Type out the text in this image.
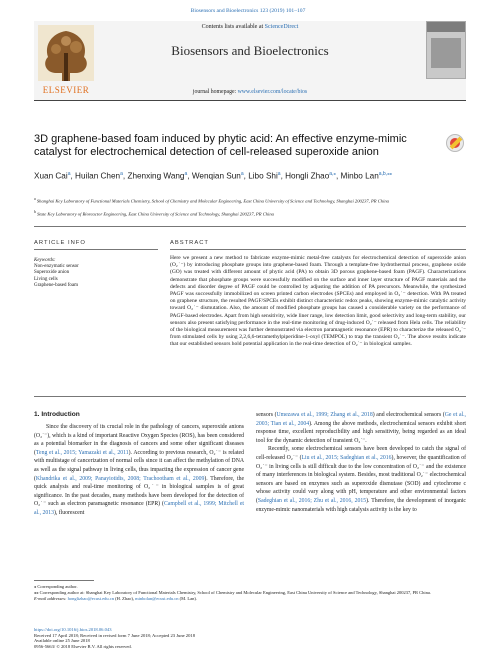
Biosensors and Bioelectronics 123 (2019) 101–107
ELSEVIER
Contents lists available at ScienceDirect
Biosensors and Bioelectronics
journal homepage: www.elsevier.com/locate/bios
3D graphene-based foam induced by phytic acid: An effective enzyme-mimic catalyst for electrochemical detection of cell-released superoxide anion
Xuan Cai$^a$, Huilan Chen$^a$, Zhenxing Wang$^a$, Wenqian Sun$^a$, Libo Shi$^a$, Hongli Zhao$^{a,⁎}$, Minbo Lan$^{a,b,⁎⁎}$
$^a$ Shanghai Key Laboratory of Functional Materials Chemistry, School of Chemistry and Molecular Engineering, East China University of Science and Technology, Shanghai 200237, PR China
$^b$ State Key Laboratory of Bioreactor Engineering, East China University of Science and Technology, Shanghai 200237, PR China
ARTICLE INFO
Keywords:
Non-enzymatic sensor
Superoxide anion
Living cells
Graphene-based foam
ABSTRACT
Here we present a new method to fabricate enzyme-mimic metal-free catalysts for electrochemical detection of superoxide anion (O₂˙⁻) by introducing phosphate groups into graphene-based foam. Through a template-free hydrothermal process, graphene oxide (GO) was treated with different amount of phytic acid (PA) to obtain 3D porous graphene-based foam (PAGF). Characterizations demonstrate that phosphate groups were successfully modified on the surface and inner layer structure of PAGF materials and the defects and disorder degree of PAGF could be controlled by adjusting the addition of PA precursors. Meanwhile, the synthesized PAGF was successfully immobilized on screen printed carbon electrodes (SPCEs) and employed in O₂˙⁻ detection. With PA treated on graphene structure, the resulted PAGF/SPCEs exhibit distinct characteristic redox peaks, showing enzyme-mimic catalytic activity toward O₂˙⁻ dismutation. Also, the amount of modified phosphate groups has caused a considerable variety on the performance of PAGF-based electrodes. Apart from high sensitivity, wide liner range, low detection limit, good selectivity and long-term stability, our sensors also present satisfying performance in the real-time monitoring of drug-induced O₂˙⁻ released from Hela cells. The reliability of the biological measurement was further demonstrated via electron paramagnetic resonance (EPR) to characterize the released O₂˙⁻ from stimulated cells by using 2,2,6,6-tetramethylpiperidine-1-oxyl (TEMPOL) to trap the transient O₂˙⁻. The above results indicate that our established sensors hold potential application in the real-time detection of O₂˙⁻ in biological samples.
1. Introduction
Since the discovery of its crucial role in the pathology of cancers, superoxide anions (O₂˙⁻), which is a kind of important Reactive Oxygen Species (ROS), has been considered as a potential biomarker in the diagnosis of cancers and some other significant diseases (Teng et al., 2015; Yamazaki et al., 2011). According to previous research, O₂˙⁻ is related with multistage of cancerization of normal cells since it can affect the methylation of DNA as well as the signal pathway in living cells, thus impacting the expression of cancer gene (Khandrika et al., 2009; Panayiotidis, 2008; Trachootham et al., 2009). Therefore, the quick analysis and real-time monitoring of O₂˙⁻ in biological samples is of great significance. In the past decades, many methods have been developed for the detection of O₂˙⁻ such as electron paramagnetic resonance (EPR) (Campbell et al., 1999; Mitchell et al., 2013), fluorescent

sensors (Umezawa et al., 1999; Zhang et al., 2018) and electrochemical sensors (Ge et al., 2003; Tian et al., 2004). Among the above methods, electrochemical sensors exhibit short response time, excellent reproducibility and high sensitivity, being regarded as an ideal tool for the dynamic detection of transient O₂˙⁻.

Recently, some electrochemical sensors have been developed to catch the signal of cell-released O₂˙⁻ (Liu et al., 2015; Sadeghian et al., 2016), however, the quantification of O₂˙⁻ in living cells is still difficult due to the low concentration of O₂˙⁻ and the existence of many interferences in biological system. Besides, most traditional O₂˙⁻ electrochemical sensors are based on enzymes such as superoxide dismutase (SOD) and cytochrome c whose activity could vary along with pH, temperature and other environmental factors (Sadeghian et al., 2016; Zhu et al., 2016, 2015). Therefore, the development of inorganic enzyme-mimic nanomaterials with high catalysis activity is the key to

⁎ Corresponding author.
⁎⁎ Corresponding author at: Shanghai Key Laboratory of Functional Materials Chemistry, School of Chemistry and Molecular Engineering, East China University of Science and Technology, Shanghai 200237, PR China.
E-mail addresses: honglizhao@ecust.edu.cn (H. Zhao), minbolan@ecust.edu.cn (M. Lan).
https://doi.org/10.1016/j.bios.2018.06.043
Received 17 April 2018; Received in revised form 7 June 2018; Accepted 23 June 2018
Available online 25 June 2018
0956-5663/ © 2018 Elsevier B.V. All rights reserved.
